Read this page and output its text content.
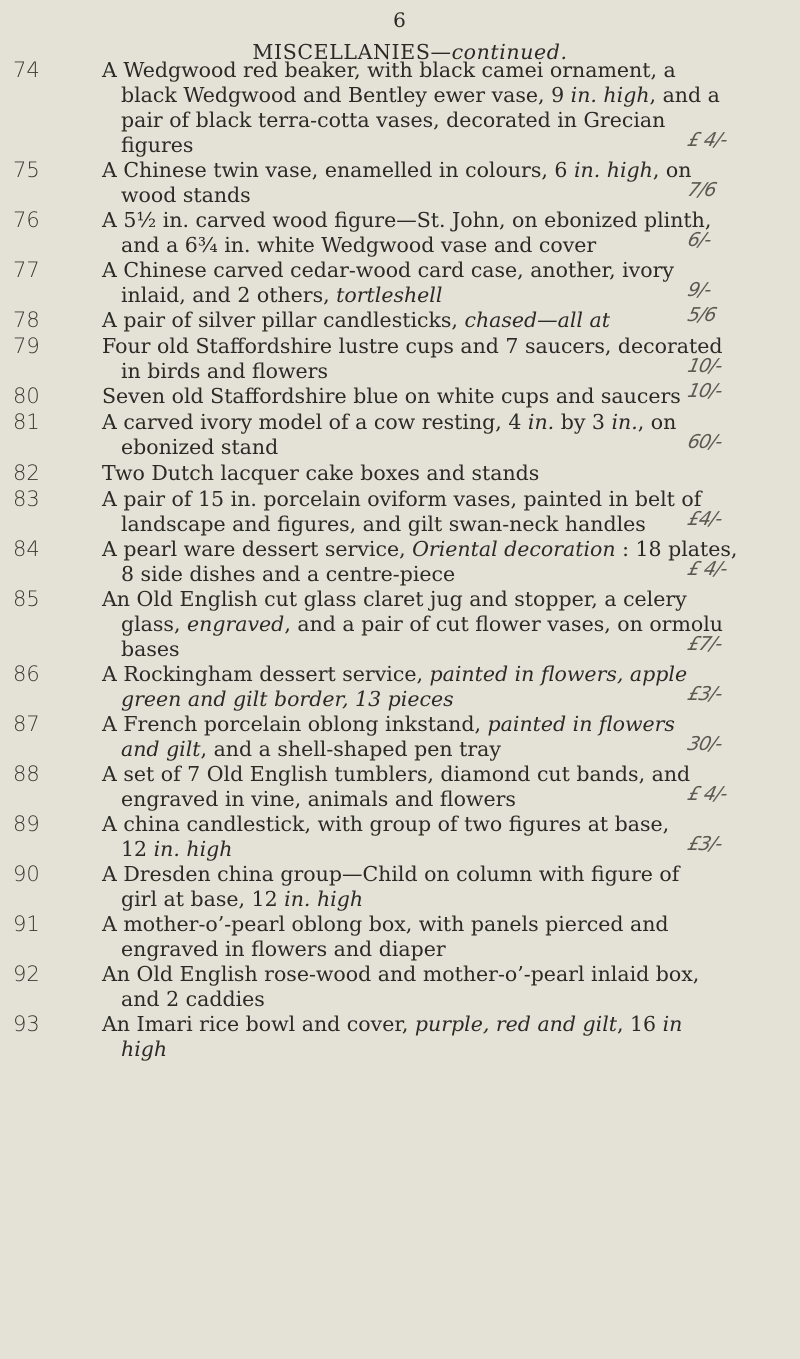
6
MISCELLANIES—continued.
74	A Wedgwood red beaker, with black camei ornament, a
black Wedgwood and Bentley ewer vase, 9 in. high, and a
pair of black terra-cotta vases, decorated in Grecian
figures	£ 4/-
75	A Chinese twin vase, enamelled in colours, 6 in. high, on
wood stands	7/6
76	A 5½ in. carved wood figure—St. John, on ebonized plinth,
and a 6¾ in. white Wedgwood vase and cover	6/-
77	A Chinese carved cedar-wood card case, another, ivory
inlaid, and 2 others, tortleshell	9/-
78	A pair of silver pillar candlesticks, chased—all at	5/6
79	Four old Staffordshire lustre cups and 7 saucers, decorated
in birds and flowers	10/-
80	Seven old Staffordshire blue on white cups and saucers 10/-
81	A carved ivory model of a cow resting, 4 in. by 3 in., on
ebonized stand	60/-
82	Two Dutch lacquer cake boxes and stands
83	A pair of 15 in. porcelain oviform vases, painted in belt of
landscape and figures, and gilt swan-neck handles £4/-
84	A pearl ware dessert service, Oriental decoration : 18 plates,
8 side dishes and a centre-piece	£ 4/-
85	An Old English cut glass claret jug and stopper, a celery
glass, engraved, and a pair of cut flower vases, on ormolu
bases	£7/-
86	A Rockingham dessert service, painted in flowers, apple
green and gilt border, 13 pieces	£3/-
87	A French porcelain oblong inkstand, painted in flowers
and gilt, and a shell-shaped pen tray	30/-
88	A set of 7 Old English tumblers, diamond cut bands, and
engraved in vine, animals and flowers	£ 4/-
89	A china candlestick, with group of two figures at base,
12 in. high	£3/-
90	A Dresden china group—Child on column with figure of
girl at base, 12 in. high
91	A mother-o’-pearl oblong box, with panels pierced and
engraved in flowers and diaper
92	An Old English rose-wood and mother-o’-pearl inlaid box,
and 2 caddies
93	An Imari rice bowl and cover, purple, red and gilt, 16 in
high
